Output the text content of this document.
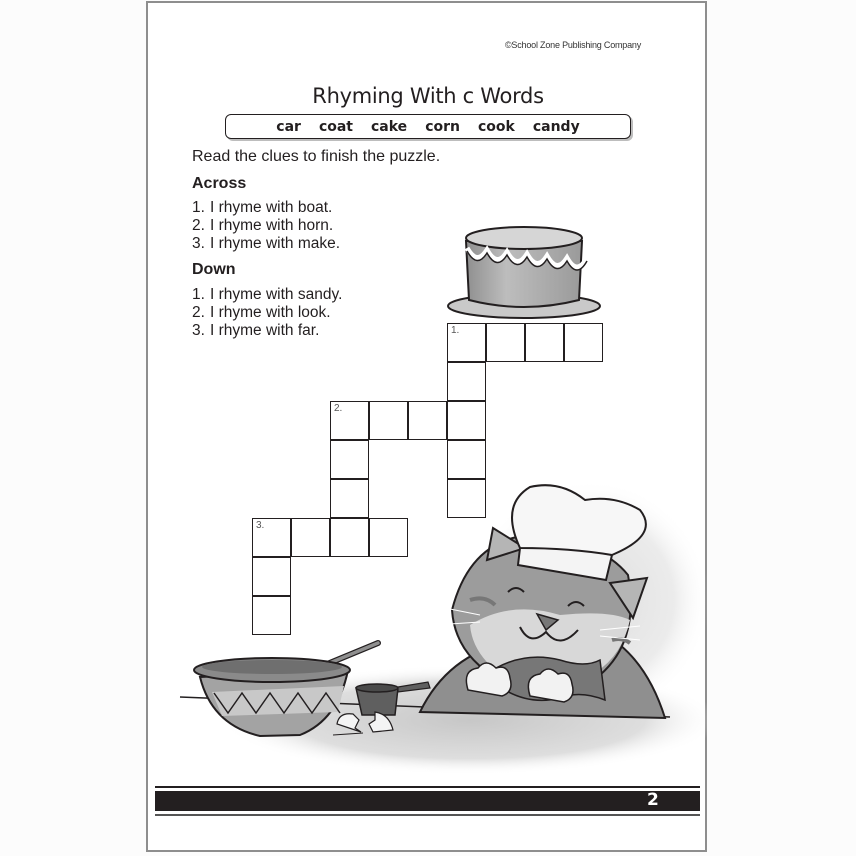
©School Zone Publishing Company
Rhyming With c Words
car	coat	cake	corn	cook	candy
Read the clues to finish the puzzle.
Across
1. I rhyme with boat.
2. I rhyme with horn.
3. I rhyme with make.
Down
1. I rhyme with sandy.
2. I rhyme with look.
3. I rhyme with far.	1.
2.
3.
2
